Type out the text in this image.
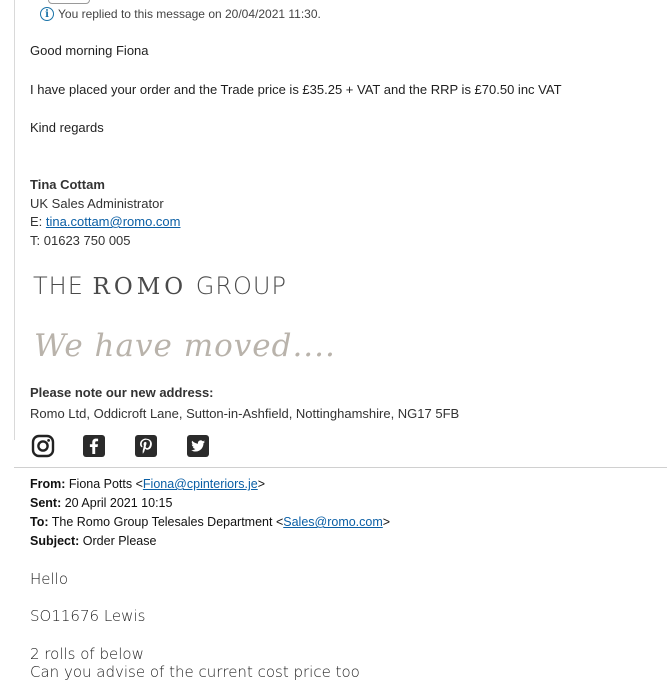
i You replied to this message on 20/04/2021 11:30.
Good morning Fiona
I have placed your order and the Trade price is £35.25 + VAT and the RRP is £70.50 inc VAT
Kind regards
Tina Cottam
UK Sales Administrator
E: tina.cottam@romo.com
T: 01623 750 005
THE ROMO GROUP
We have moved....
Please note our new address:
Romo Ltd, Oddicroft Lane, Sutton-in-Ashfield, Nottinghamshire, NG17 5FB
From: Fiona Potts <Fiona@cpinteriors.je>
Sent: 20 April 2021 10:15
To: The Romo Group Telesales Department <Sales@romo.com>
Subject: Order Please
Hello
SO11676 Lewis
2 rolls of below
Can you advise of the current cost price too
